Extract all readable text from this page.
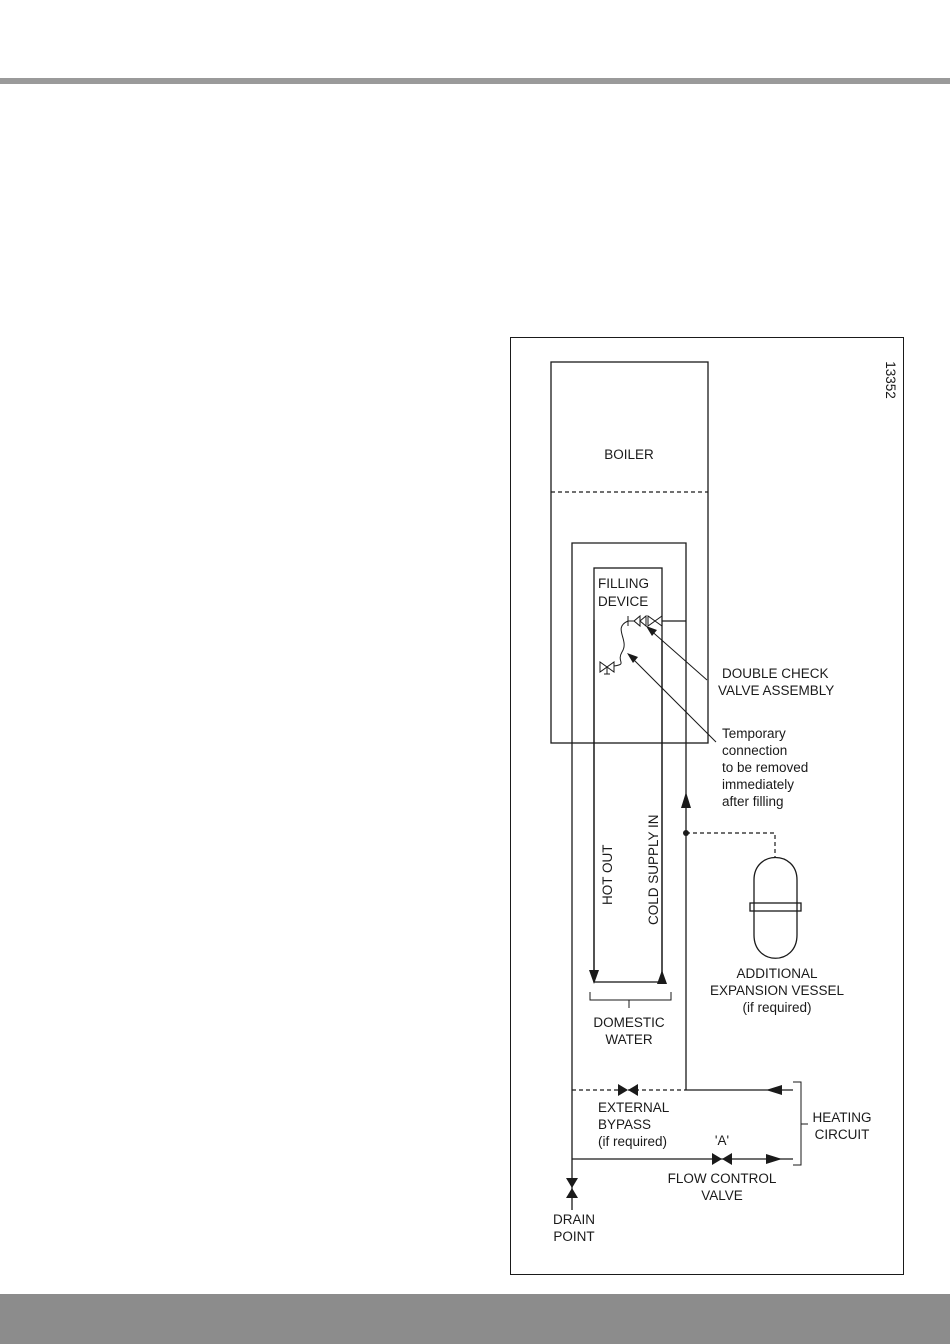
13352
BOILER
FILLING
DEVICE
HOT OUT COLD SUPPLY IN
DOUBLE CHECK
VALVE ASSEMBLY
Temporary
connection
to be removed
immediately
after filling
ADDITIONAL
EXPANSION VESSEL
(if required)
DOMESTIC
WATER
EXTERNAL
BYPASS
(if required)
HEATING
CIRCUIT
'A'
FLOW CONTROL
VALVE
DRAIN
POINT
